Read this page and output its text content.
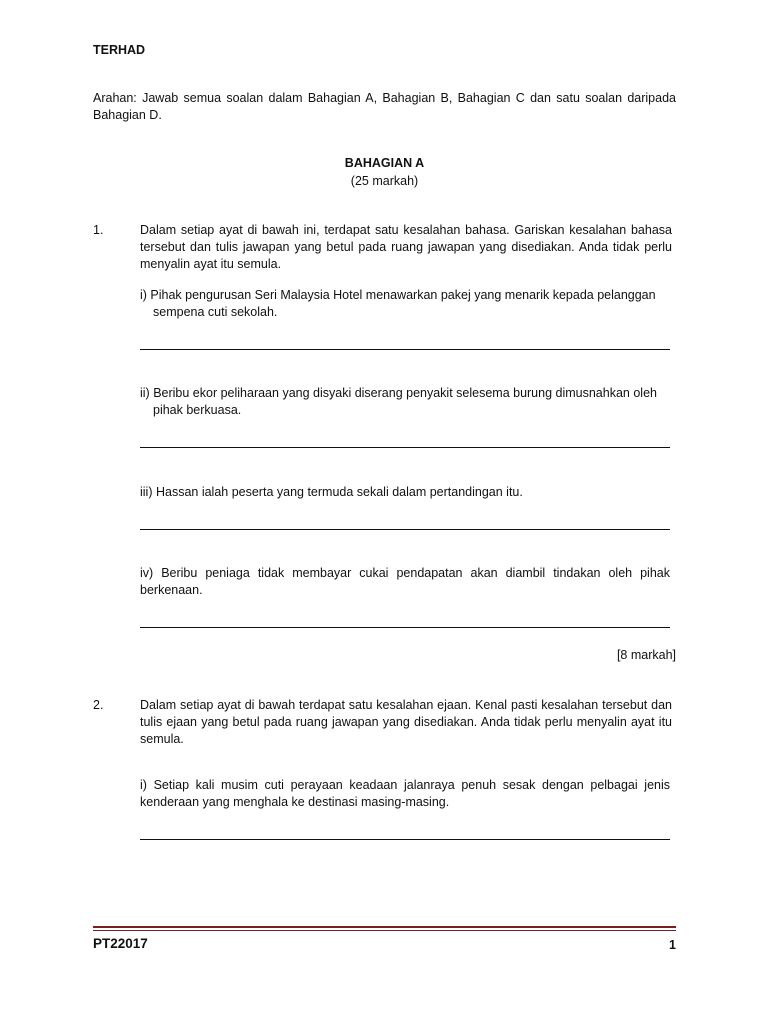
TERHAD
Arahan: Jawab semua soalan dalam Bahagian A, Bahagian B, Bahagian C dan satu soalan daripada Bahagian D.
BAHAGIAN A
(25 markah)
1.	Dalam setiap ayat di bawah ini, terdapat satu kesalahan bahasa. Gariskan kesalahan bahasa tersebut dan tulis jawapan yang betul pada ruang jawapan yang disediakan. Anda tidak perlu menyalin ayat itu semula.
i) Pihak pengurusan Seri Malaysia Hotel menawarkan pakej yang menarik kepada pelanggan
sempena cuti sekolah.
ii) Beribu ekor peliharaan yang disyaki diserang penyakit selesema burung dimusnahkan oleh
pihak berkuasa.
iii) Hassan ialah peserta yang termuda sekali dalam pertandingan itu.
iv) Beribu peniaga tidak membayar cukai pendapatan akan diambil tindakan oleh pihak berkenaan.
[8 markah]
2.	Dalam setiap ayat di bawah terdapat satu kesalahan ejaan. Kenal pasti kesalahan tersebut dan tulis ejaan yang betul pada ruang jawapan yang disediakan. Anda tidak perlu menyalin ayat itu semula.
i) Setiap kali musim cuti perayaan keadaan jalanraya penuh sesak dengan pelbagai jenis kenderaan yang menghala ke destinasi masing-masing.
PT22017	1
